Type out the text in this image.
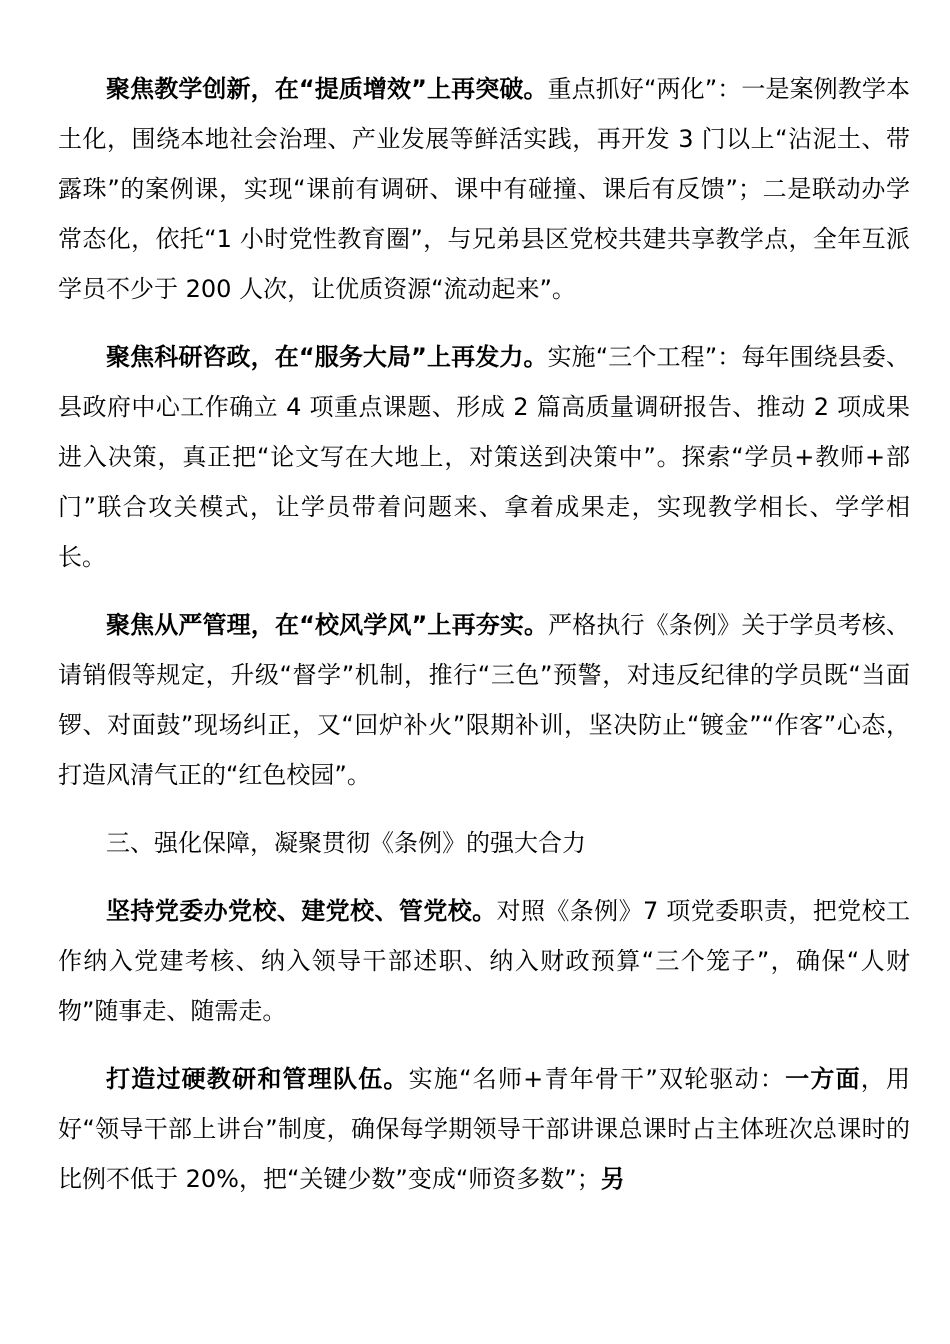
聚焦教学创新，在“提质增效”上再突破。重点抓好“两化”：一是案例教学本土化，围绕本地社会治理、产业发展等鲜活实践，再开发 3 门以上“沾泥土、带露珠”的案例课，实现“课前有调研、课中有碰撞、课后有反馈”；二是联动办学常态化，依托“1 小时党性教育圈”，与兄弟县区党校共建共享教学点，全年互派学员不少于 200 人次，让优质资源“流动起来”。

聚焦科研咨政，在“服务大局”上再发力。实施“三个工程”：每年围绕县委、县政府中心工作确立 4 项重点课题、形成 2 篇高质量调研报告、推动 2 项成果进入决策，真正把“论文写在大地上，对策送到决策中”。探索“学员+教师+部门”联合攻关模式，让学员带着问题来、拿着成果走，实现教学相长、学学相长。

聚焦从严管理，在“校风学风”上再夯实。严格执行《条例》关于学员考核、请销假等规定，升级“督学”机制，推行“三色”预警，对违反纪律的学员既“当面锣、对面鼓”现场纠正，又“回炉补火”限期补训，坚决防止“镀金”“作客”心态，打造风清气正的“红色校园”。

三、强化保障，凝聚贯彻《条例》的强大合力

坚持党委办党校、建党校、管党校。对照《条例》7 项党委职责，把党校工作纳入党建考核、纳入领导干部述职、纳入财政预算“三个笼子”，确保“人财物”随事走、随需走。

打造过硬教研和管理队伍。实施“名师+青年骨干”双轮驱动：一方面，用好“领导干部上讲台”制度，确保每学期领导干部讲课总课时占主体班次总课时的比例不低于 20%，把“关键少数”变成“师资多数”；另
